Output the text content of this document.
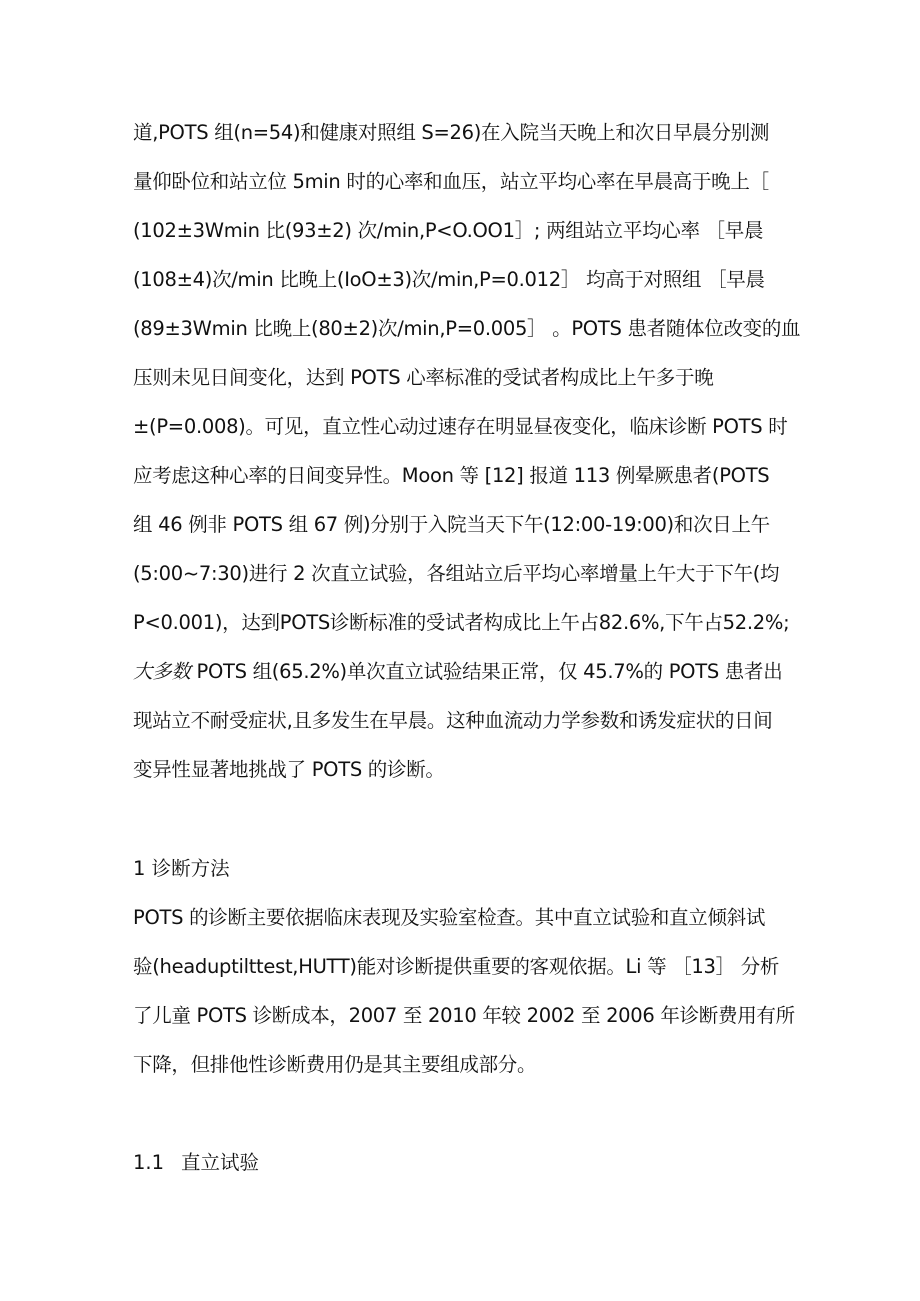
道,POTS 组(n=54)和健康对照组 S=26)在入院当天晚上和次日早晨分别测
量仰卧位和站立位 5min 时的心率和血压，站立平均心率在早晨高于晚上［
(102±3Wmin 比(93±2) 次/min,P<O.OO1］; 两组站立平均心率 ［早晨
(108±4)次/min 比晚上(IoO±3)次/min,P=0.012］ 均高于对照组 ［早晨
(89±3Wmin 比晚上(80±2)次/min,P=0.005］ 。POTS 患者随体位改变的血
压则未见日间变化，达到 POTS 心率标准的受试者构成比上午多于晚
±(P=0.008)。可见，直立性心动过速存在明显昼夜变化，临床诊断 POTS 时
应考虑这种心率的日间变异性。Moon 等 [12] 报道 113 例晕厥患者(POTS
组 46 例非 POTS 组 67 例)分别于入院当天下午(12:00-19:00)和次日上午
(5:00~7:30)进行 2 次直立试验，各组站立后平均心率增量上午大于下午(均
P<0.001)，达到POTS诊断标准的受试者构成比上午占82.6%,下午占52.2%;
大多数 POTS 组(65.2%)单次直立试验结果正常，仅 45.7%的 POTS 患者出
现站立不耐受症状,且多发生在早晨。这种血流动力学参数和诱发症状的日间
变异性显著地挑战了 POTS 的诊断。
1 诊断方法
POTS 的诊断主要依据临床表现及实验室检查。其中直立试验和直立倾斜试
验(headuptilttest,HUTT)能对诊断提供重要的客观依据。Li 等 ［13］ 分析
了儿童 POTS 诊断成本，2007 至 2010 年较 2002 至 2006 年诊断费用有所
下降，但排他性诊断费用仍是其主要组成部分。
1.1 直立试验
